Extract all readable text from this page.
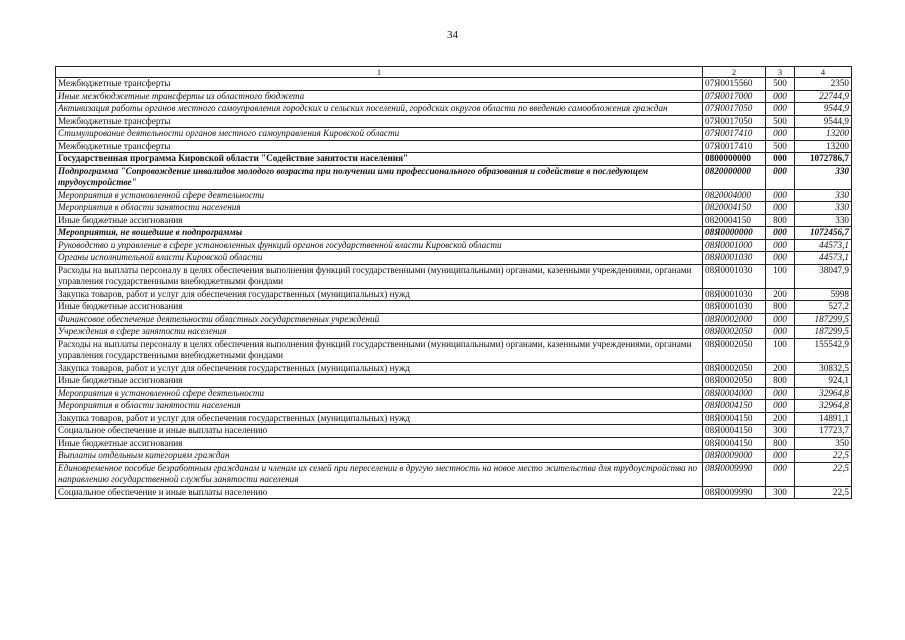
34
1	2	3	4
Межбюджетные трансферты	07Я0015560	500	2350
Иные межбюджетные трансферты из областного бюджета	07Я0017000	000	22744,9
Активизация работы органов местного самоуправления городских и сельских поселений, городских округов области по введению самообложения граждан	07Я0017050	000	9544,9
Межбюджетные трансферты	07Я0017050	500	9544,9
Стимулирование деятельности органов местного самоуправления Кировской области	07Я0017410	000	13200
Межбюджетные трансферты	07Я0017410	500	13200
Государственная программа Кировской области "Содействие занятости населения"	0800000000	000	1072786,7
Подпрограмма "Сопровождение инвалидов молодого возраста при получении ими профессионального образования и содействие в последующем трудоустройстве"	0820000000	000	330
Мероприятия в установленной сфере деятельности	0820004000	000	330
Мероприятия в области занятости населения	0820004150	000	330
Иные бюджетные ассигнования	0820004150	800	330
Мероприятия, не вошедшие в подпрограммы	08Я0000000	000	1072456,7
Руководство и управление в сфере установленных функций органов государственной власти Кировской области	08Я0001000	000	44573,1
Органы исполнительной власти Кировской области	08Я0001030	000	44573,1
Расходы на выплаты персоналу в целях обеспечения выполнения функций государственными (муниципальными) органами, казенными учреждениями, органами управления государственными внебюджетными фондами	08Я0001030	100	38047,9
Закупка товаров, работ и услуг для обеспечения государственных (муниципальных) нужд	08Я0001030	200	5998
Иные бюджетные ассигнования	08Я0001030	800	527,2
Финансовое обеспечение деятельности областных государственных учреждений	08Я0002000	000	187299,5
Учреждения в сфере занятости населения	08Я0002050	000	187299,5
Расходы на выплаты персоналу в целях обеспечения выполнения функций государственными (муниципальными) органами, казенными учреждениями, органами управления государственными внебюджетными фондами	08Я0002050	100	155542,9
Закупка товаров, работ и услуг для обеспечения государственных (муниципальных) нужд	08Я0002050	200	30832,5
Иные бюджетные ассигнования	08Я0002050	800	924,1
Мероприятия в установленной сфере деятельности	08Я0004000	000	32964,8
Мероприятия в области занятости населения	08Я0004150	000	32964,8
Закупка товаров, работ и услуг для обеспечения государственных (муниципальных) нужд	08Я0004150	200	14891,1
Социальное обеспечение и иные выплаты населению	08Я0004150	300	17723,7
Иные бюджетные ассигнования	08Я0004150	800	350
Выплаты отдельным категориям граждан	08Я0009000	000	22,5
Единовременное пособие безработным гражданам и членам их семей при переселении в другую местность на новое место жительства для трудоустройства по направлению государственной службы занятости населения	08Я0009990	000	22,5
Социальное обеспечение и иные выплаты населению	08Я0009990	300	22,5
